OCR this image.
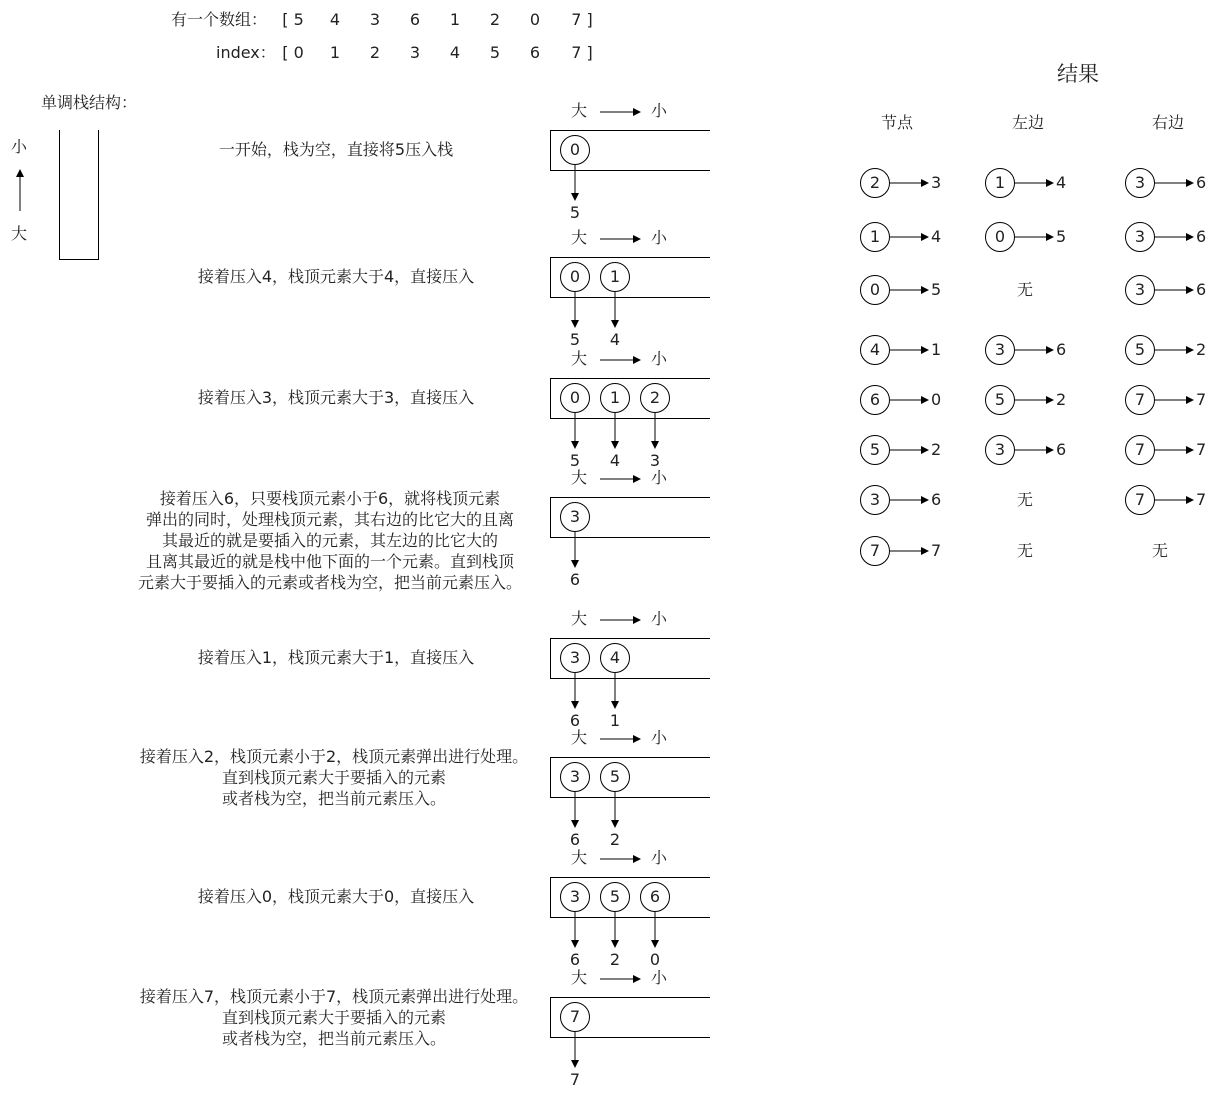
有一个数组：
index：
[ 5	4	3	6	1	2	0	7 ]
[ 0	1	2	3	4	5	6	7 ]
单调栈结构：
小
大
大	小
一开始，栈为空，直接将5压入栈	0
5
大	小
接着压入4，栈顶元素大于4，直接压入	0
5
1
4
大	小
接着压入3，栈顶元素大于3，直接压入	0
5
1
4
2
3
大	小
接着压入6，只要栈顶元素小于6，就将栈顶元素
弹出的同时，处理栈顶元素，其右边的比它大的且离
其最近的就是要插入的元素，其左边的比它大的
且离其最近的就是栈中他下面的一个元素。直到栈顶
元素大于要插入的元素或者栈为空，把当前元素压入。
3
6
大	小
接着压入1，栈顶元素大于1，直接压入	3
6
4
1
大	小
接着压入2，栈顶元素小于2，栈顶元素弹出进行处理。
直到栈顶元素大于要插入的元素
或者栈为空，把当前元素压入。
3
6
5
2
大	小
接着压入0，栈顶元素大于0，直接压入	3
6
5
2
6
0
大	小
接着压入7，栈顶元素小于7，栈顶元素弹出进行处理。
直到栈顶元素大于要插入的元素
或者栈为空，把当前元素压入。
7
7
结果
节点	左边	右边
2	3	1	4	3	6
1	4	0	5	3	6
0	5	无	3	6
4	1	3	6	5	2
6	0	5	2	7	7
5	2	3	6	7	7
3	6	无	7	7
7	7	无	无
